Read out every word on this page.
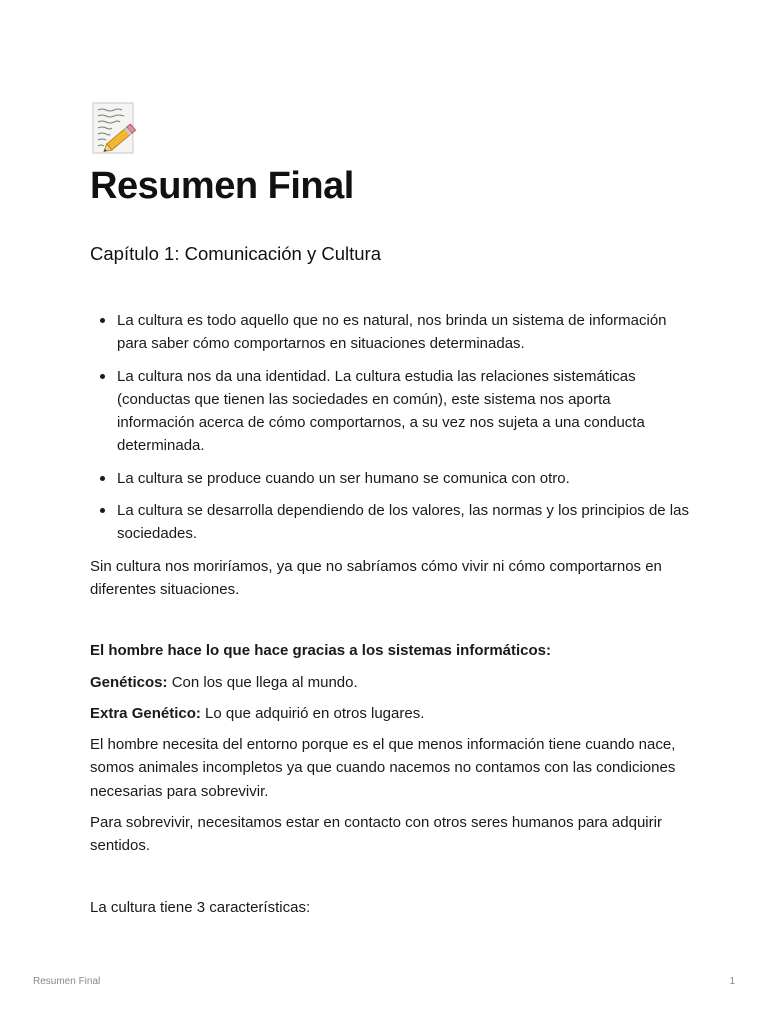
Resumen Final
Capítulo 1: Comunicación y Cultura
La cultura es todo aquello que no es natural, nos brinda un sistema de información para saber cómo comportarnos en situaciones determinadas.
La cultura nos da una identidad. La cultura estudia las relaciones sistemáticas (conductas que tienen las sociedades en común), este sistema nos aporta información acerca de cómo comportarnos, a su vez nos sujeta a una conducta determinada.
La cultura se produce cuando un ser humano se comunica con otro.
La cultura se desarrolla dependiendo de los valores, las normas y los principios de las sociedades.

Sin cultura nos moriríamos, ya que no sabríamos cómo vivir ni cómo comportarnos en diferentes situaciones.

El hombre hace lo que hace gracias a los sistemas informáticos:

Genéticos: Con los que llega al mundo.

Extra Genético: Lo que adquirió en otros lugares.

El hombre necesita del entorno porque es el que menos información tiene cuando nace, somos animales incompletos ya que cuando nacemos no contamos con las condiciones necesarias para sobrevivir.

Para sobrevivir, necesitamos estar en contacto con otros seres humanos para adquirir sentidos.

La cultura tiene 3 características:

Resumen Final	1
